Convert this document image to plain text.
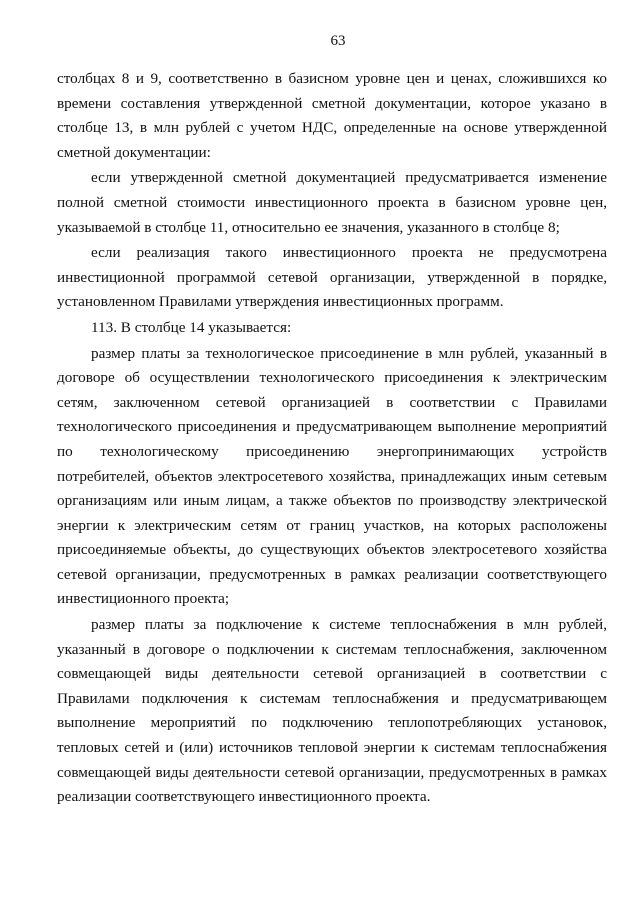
63

столбцах 8 и 9, соответственно в базисном уровне цен и ценах, сложившихся ко времени составления утвержденной сметной документации, которое указано в столбце 13, в млн рублей с учетом НДС, определенные на основе утвержденной сметной документации:

если утвержденной сметной документацией предусматривается изменение полной сметной стоимости инвестиционного проекта в базисном уровне цен, указываемой в столбце 11, относительно ее значения, указанного в столбце 8;

если реализация такого инвестиционного проекта не предусмотрена инвестиционной программой сетевой организации, утвержденной в порядке, установленном Правилами утверждения инвестиционных программ.

113. В столбце 14 указывается:

размер платы за технологическое присоединение в млн рублей, указанный в договоре об осуществлении технологического присоединения к электрическим сетям, заключенном сетевой организацией в соответствии с Правилами технологического присоединения и предусматривающем выполнение мероприятий по технологическому присоединению энергопринимающих устройств потребителей, объектов электросетевого хозяйства, принадлежащих иным сетевым организациям или иным лицам, а также объектов по производству электрической энергии к электрическим сетям от границ участков, на которых расположены присоединяемые объекты, до существующих объектов электросетевого хозяйства сетевой организации, предусмотренных в рамках реализации соответствующего инвестиционного проекта;

размер платы за подключение к системе теплоснабжения в млн рублей, указанный в договоре о подключении к системам теплоснабжения, заключенном совмещающей виды деятельности сетевой организацией в соответствии с Правилами подключения к системам теплоснабжения и предусматривающем выполнение мероприятий по подключению теплопотребляющих установок, тепловых сетей и (или) источников тепловой энергии к системам теплоснабжения совмещающей виды деятельности сетевой организации, предусмотренных в рамках реализации соответствующего инвестиционного проекта.
